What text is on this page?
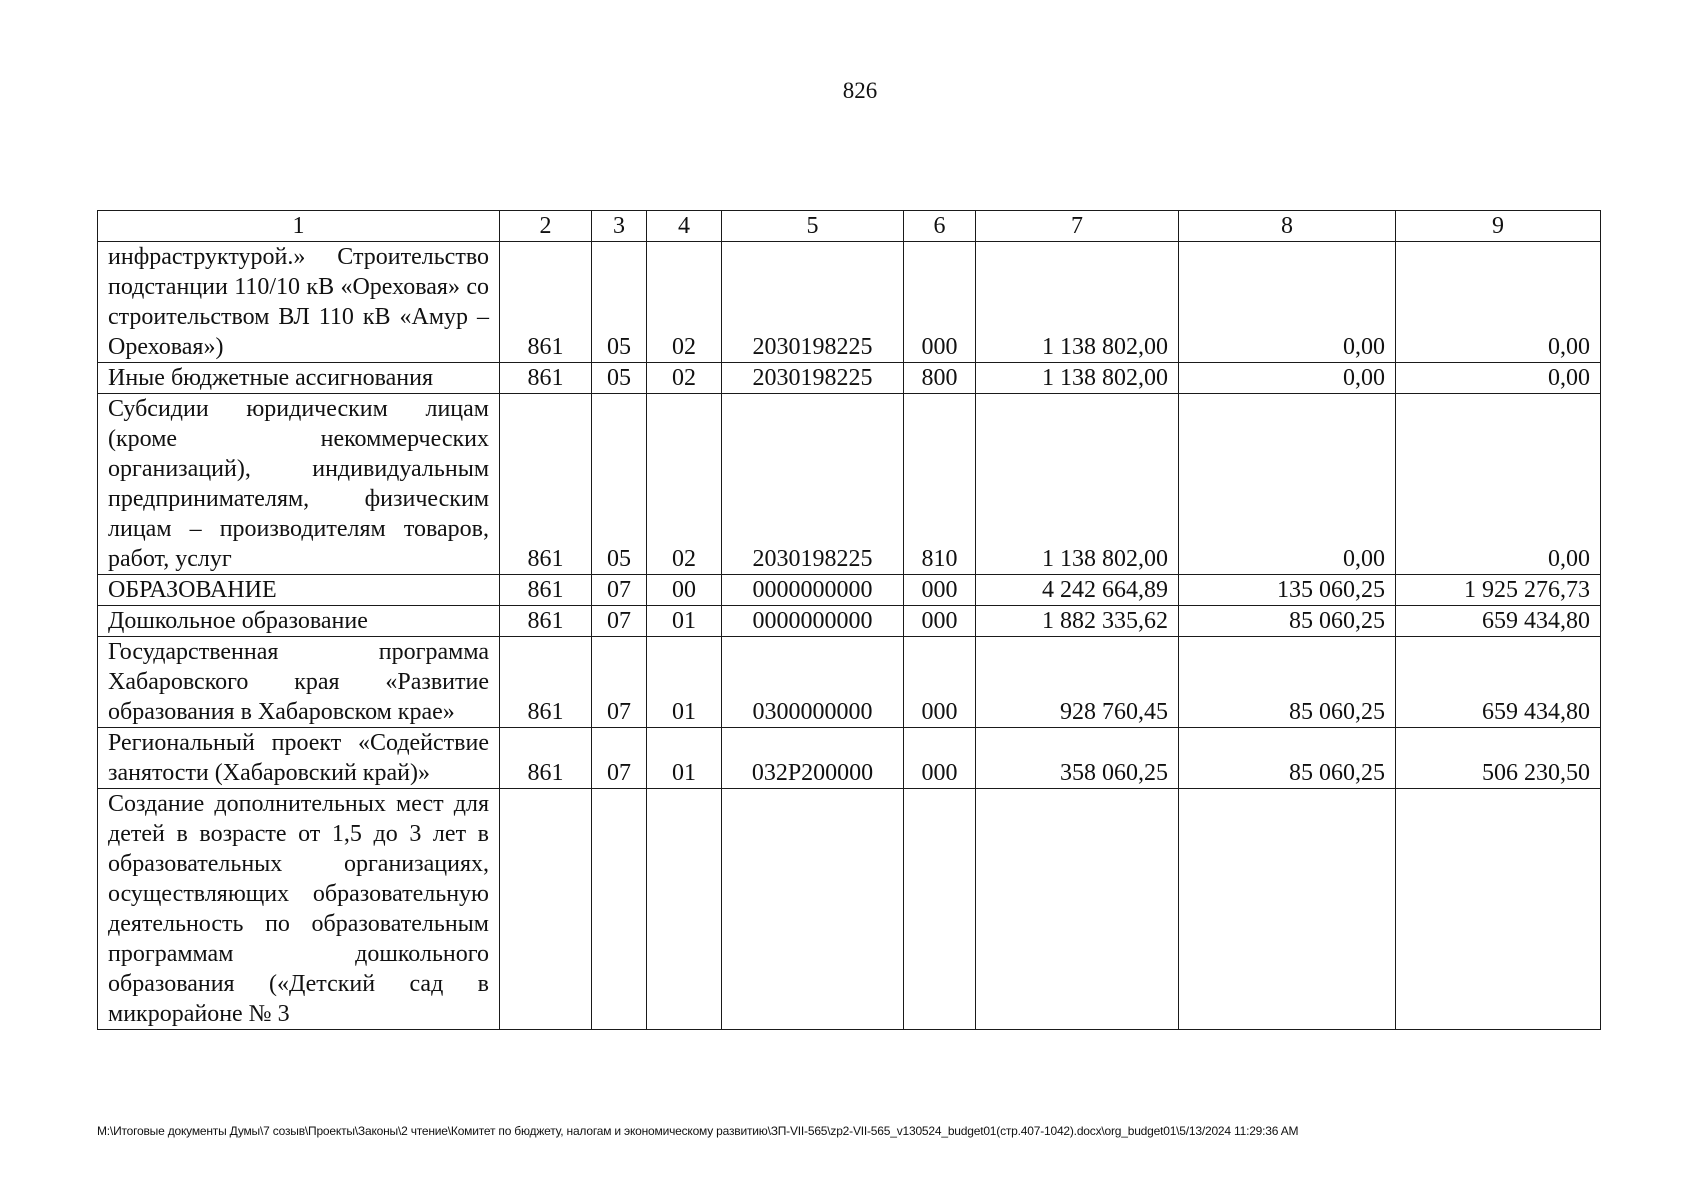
826
1	2	3	4	5	6	7	8	9
инфраструктурой.» Строительство подстанции 110/10 кВ «Ореховая» со строительством ВЛ 110 кВ «Амур – Ореховая»)	861	05	02	2030198225	000	1 138 802,00	0,00	0,00
Иные бюджетные ассигнования	861	05	02	2030198225	800	1 138 802,00	0,00	0,00
Субсидии юридическим лицам (кроме некоммерческих организаций), индивидуальным предпринимателям, физическим лицам – производителям товаров, работ, услуг	861	05	02	2030198225	810	1 138 802,00	0,00	0,00
ОБРАЗОВАНИЕ	861	07	00	0000000000	000	4 242 664,89	135 060,25	1 925 276,73
Дошкольное образование	861	07	01	0000000000	000	1 882 335,62	85 060,25	659 434,80
Государственная программа Хабаровского края «Развитие образования в Хабаровском крае»	861	07	01	0300000000	000	928 760,45	85 060,25	659 434,80
Региональный проект «Содействие занятости (Хабаровский край)»	861	07	01	032P200000	000	358 060,25	85 060,25	506 230,50
Создание дополнительных мест для детей в возрасте от 1,5 до 3 лет в образовательных организациях, осуществляющих образовательную деятельность по образовательным программам дошкольного образования («Детский сад в микрорайоне № 3								
M:\Итоговые документы Думы\7 созыв\Проекты\Законы\2 чтение\Комитет по бюджету, налогам и экономическому развитию\ЗП-VII-565\zp2-VII-565_v130524_budget01(стр.407-1042).docx\org_budget01\5/13/2024 11:29:36 AM
